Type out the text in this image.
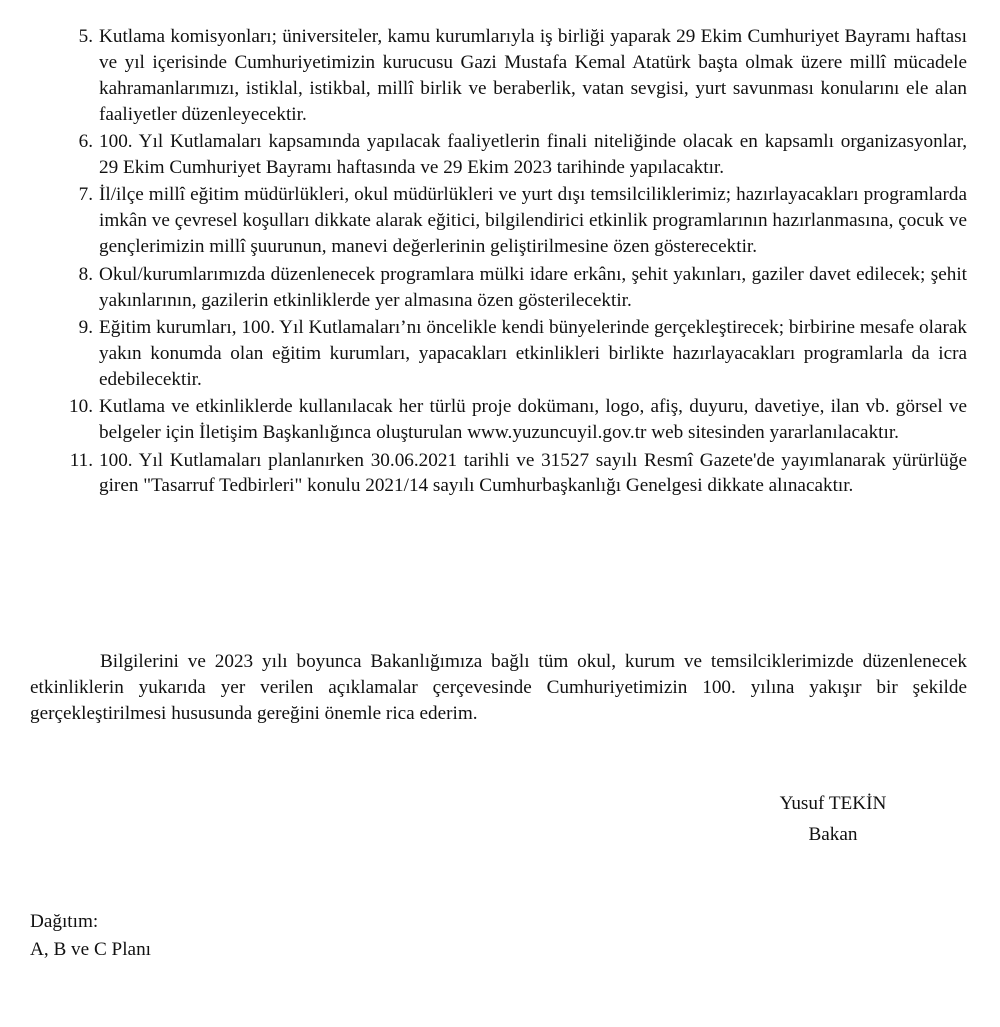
5. Kutlama komisyonları; üniversiteler, kamu kurumlarıyla iş birliği yaparak 29 Ekim Cumhuriyet Bayramı haftası ve yıl içerisinde Cumhuriyetimizin kurucusu Gazi Mustafa Kemal Atatürk başta olmak üzere millî mücadele kahramanlarımızı, istiklal, istikbal, millî birlik ve beraberlik, vatan sevgisi, yurt savunması konularını ele alan faaliyetler düzenleyecektir.
6. 100. Yıl Kutlamaları kapsamında yapılacak faaliyetlerin finali niteliğinde olacak en kapsamlı organizasyonlar, 29 Ekim Cumhuriyet Bayramı haftasında ve 29 Ekim 2023 tarihinde yapılacaktır.
7. İl/ilçe millî eğitim müdürlükleri, okul müdürlükleri ve yurt dışı temsilciliklerimiz; hazırlayacakları programlarda imkân ve çevresel koşulları dikkate alarak eğitici, bilgilendirici etkinlik programlarının hazırlanmasına, çocuk ve gençlerimizin millî şuurunun, manevi değerlerinin geliştirilmesine özen gösterecektir.
8. Okul/kurumlarımızda düzenlenecek programlara mülki idare erkânı, şehit yakınları, gaziler davet edilecek; şehit yakınlarının, gazilerin etkinliklerde yer almasına özen gösterilecektir.
9. Eğitim kurumları, 100. Yıl Kutlamaları’nı öncelikle kendi bünyelerinde gerçekleştirecek; birbirine mesafe olarak yakın konumda olan eğitim kurumları, yapacakları etkinlikleri birlikte hazırlayacakları programlarla da icra edebilecektir.
10. Kutlama ve etkinliklerde kullanılacak her türlü proje dokümanı, logo, afiş, duyuru, davetiye, ilan vb. görsel ve belgeler için İletişim Başkanlığınca oluşturulan www.yuzuncuyil.gov.tr web sitesinden yararlanılacaktır.
11. 100. Yıl Kutlamaları planlanırken 30.06.2021 tarihli ve 31527 sayılı Resmî Gazete'de yayımlanarak yürürlüğe giren "Tasarruf Tedbirleri" konulu 2021/14 sayılı Cumhurbaşkanlığı Genelgesi dikkate alınacaktır.

Bilgilerini ve 2023 yılı boyunca Bakanlığımıza bağlı tüm okul, kurum ve temsilciklerimizde düzenlenecek etkinliklerin yukarıda yer verilen açıklamalar çerçevesinde Cumhuriyetimizin 100. yılına yakışır bir şekilde gerçekleştirilmesi hususunda gereğini önemle rica ederim.

Yusuf TEKİN
Bakan
Dağıtım:
A, B ve C Planı
